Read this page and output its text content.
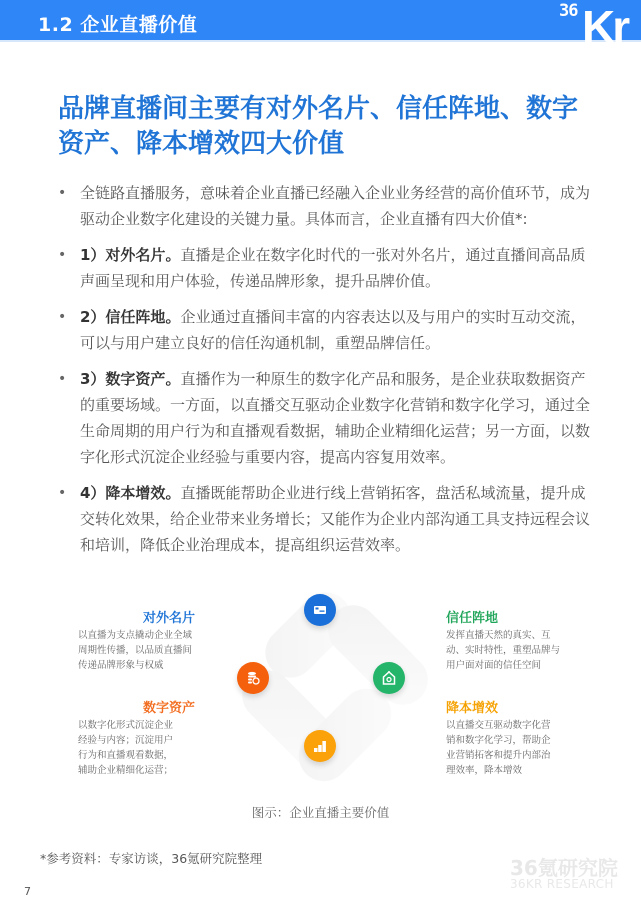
1.2 企业直播价值
36 Kr
品牌直播间主要有对外名片、信任阵地、数字
资产、降本增效四大价值
• 全链路直播服务，意味着企业直播已经融入企业业务经营的高价值环节，成为驱动企业数字化建设的关键力量。具体而言，企业直播有四大价值*:
• 1）对外名片。直播是企业在数字化时代的一张对外名片，通过直播间高品质声画呈现和用户体验，传递品牌形象，提升品牌价值。
• 2）信任阵地。企业通过直播间丰富的内容表达以及与用户的实时互动交流，可以与用户建立良好的信任沟通机制，重塑品牌信任。
• 3）数字资产。直播作为一种原生的数字化产品和服务，是企业获取数据资产的重要场域。一方面，以直播交互驱动企业数字化营销和数字化学习，通过全生命周期的用户行为和直播观看数据，辅助企业精细化运营；另一方面，以数字化形式沉淀企业经验与重要内容，提高内容复用效率。
• 4）降本增效。直播既能帮助企业进行线上营销拓客，盘活私域流量，提升成交转化效果，给企业带来业务增长；又能作为企业内部沟通工具支持远程会议和培训，降低企业治理成本，提高组织运营效率。
对外名片
以直播为支点撬动企业全域周期性传播，以品质直播间传递品牌形象与权威
信任阵地
发挥直播天然的真实、互动、实时特性，重塑品牌与用户面对面的信任空间
数字资产
以数字化形式沉淀企业经验与内容；沉淀用户行为和直播观看数据，辅助企业精细化运营；
降本增效
以直播交互驱动数字化营销和数字化学习，帮助企业营销拓客和提升内部治理效率，降本增效
图示：企业直播主要价值
*参考资料：专家访谈，36氪研究院整理
7
36氪研究院
36KR RESEARCH
